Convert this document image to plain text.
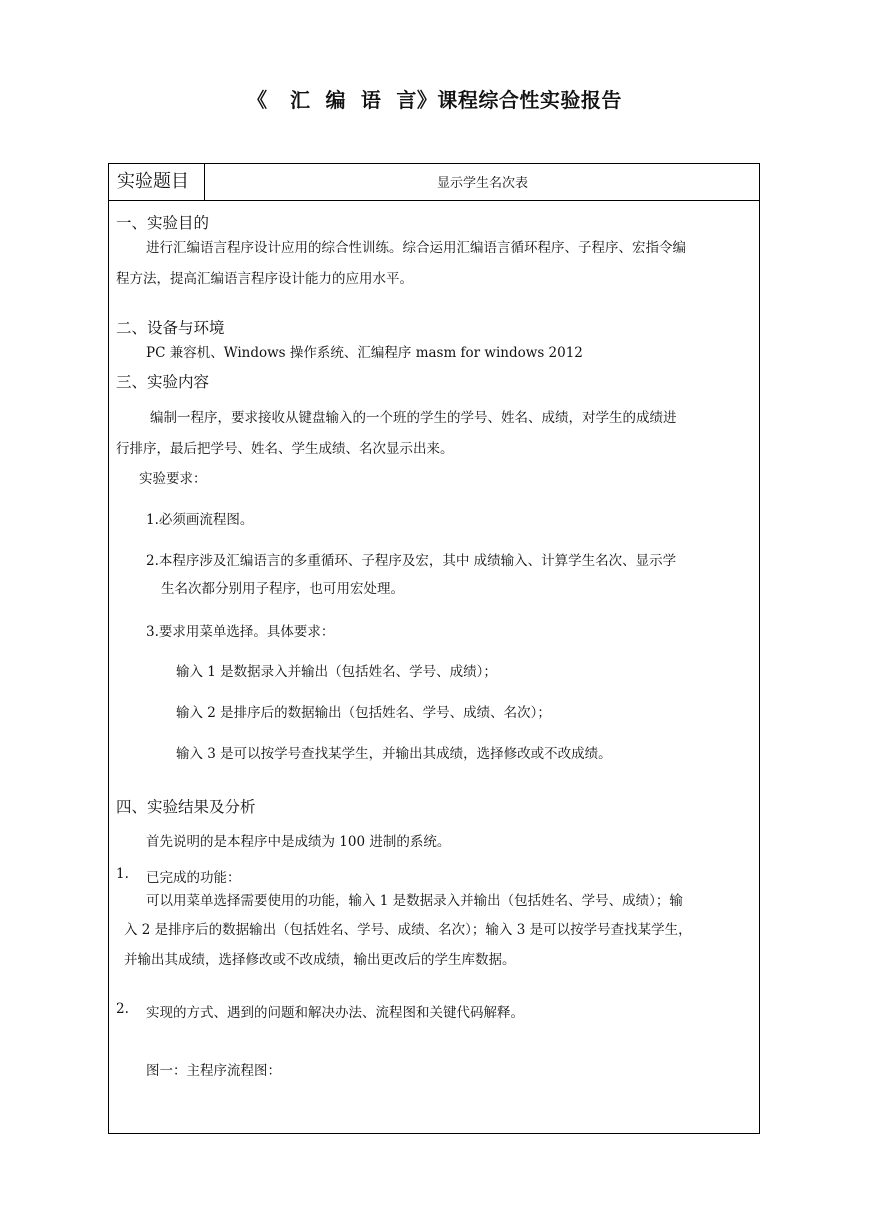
《   汇  编  语  言》课程综合性实验报告
实验题目	显示学生名次表
一、实验目的
进行汇编语言程序设计应用的综合性训练。综合运用汇编语言循环程序、子程序、宏指令编
程方法，提高汇编语言程序设计能力的应用水平。
二、设备与环境
PC 兼容机、Windows 操作系统、汇编程序 masm for windows 2012
三、实验内容
编制一程序，要求接收从键盘输入的一个班的学生的学号、姓名、成绩，对学生的成绩进
行排序，最后把学号、姓名、学生成绩、名次显示出来。
实验要求：
1.必须画流程图。
2.本程序涉及汇编语言的多重循环、子程序及宏，其中 成绩输入、计算学生名次、显示学
生名次都分别用子程序，也可用宏处理。
3.要求用菜单选择。具体要求：
输入 1 是数据录入并输出（包括姓名、学号、成绩）；
输入 2 是排序后的数据输出（包括姓名、学号、成绩、名次）；
输入 3 是可以按学号查找某学生，并输出其成绩，选择修改或不改成绩。
四、实验结果及分析
首先说明的是本程序中是成绩为 100 进制的系统。
1. 已完成的功能：
可以用菜单选择需要使用的功能，输入 1 是数据录入并输出（包括姓名、学号、成绩）；输
入 2 是排序后的数据输出（包括姓名、学号、成绩、名次）；输入 3 是可以按学号查找某学生，
并输出其成绩，选择修改或不改成绩，输出更改后的学生库数据。
2. 实现的方式、遇到的问题和解决办法、流程图和关键代码解释。
图一：主程序流程图：
